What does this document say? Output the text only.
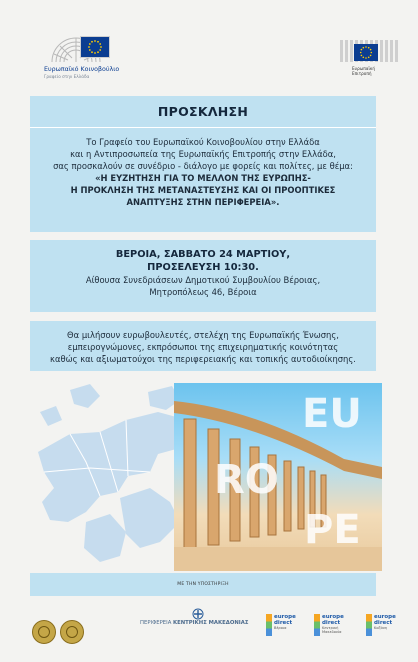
Ευρωπαϊκό Κοινοβούλιο
Γραφείο στην Ελλάδα
Ευρωπαϊκή
Επιτροπή
ΠΡΟΣΚΛΗΣΗ
Το Γραφείο του Ευρωπαϊκού Κοινοβουλίου στην Ελλάδα
και η Αντιπροσωπεία της Ευρωπαϊκής Επιτροπής στην Ελλάδα,
σας προσκαλούν σε συνέδριο - διάλογο με φορείς και πολίτες, με θέμα:
«Η ΕΥΖΗΤΗΣΗ ΓΙΑ ΤΟ ΜΕΛΛΟΝ ΤΗΣ ΕΥΡΩΠΗΣ-
Η ΠΡΟΚΛΗΣΗ ΤΗΣ ΜΕΤΑΝΑΣΤΕΥΣΗΣ ΚΑΙ ΟΙ ΠΡΟΟΠΤΙΚΕΣ
ΑΝΑΠΤΥΞΗΣ ΣΤΗΝ ΠΕΡΙΦΕΡΕΙΑ».
ΒΕΡΟΙΑ, ΣΑΒΒΑΤΟ 24 ΜΑΡΤΙΟΥ,
ΠΡΟΣΕΛΕΥΣΗ 10:30.
Αίθουσα Συνεδριάσεων Δημοτικού Συμβουλίου Βέροιας,
Μητροπόλεως 46, Βέροια
Θα μιλήσουν ευρωβουλευτές, στελέχη της Ευρωπαϊκής Ένωσης,
εμπειρογνώμονες, εκπρόσωποι της επιχειρηματικής κοινότητας
καθώς και αξιωματούχοι της περιφερειακής και τοπικής αυτοδιοίκησης.
EU
RO
PE
ΜΕ ΤΗΝ ΥΠΟΣΤΗΡΙΞΗ
ΠΕΡΙΦΕΡΕΙΑ ΚΕΝΤΡΙΚΗΣ ΜΑΚΕΔΟΝΙΑΣ
europe direct
Βέροια
europe direct
Κεντρική Μακεδονία
europe direct
Κοζάνη
